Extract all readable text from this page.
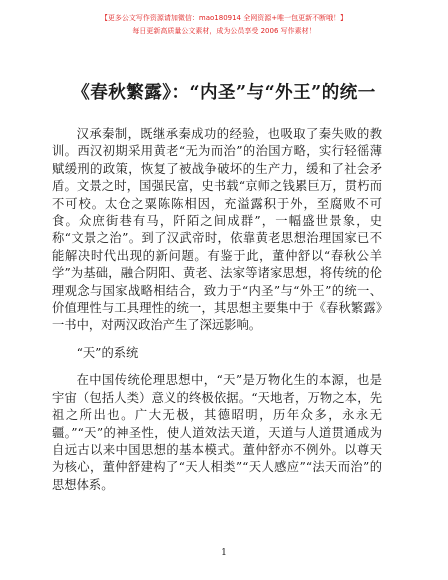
【更多公文写作资源请加微信：mao180914 全网资源+唯一包更新不断哦！】
每日更新高质量公文素材，成为公员享受 2006 写作素材！
《春秋繁露》：“内圣”与“外王”的统一

汉承秦制，既继承秦成功的经验，也吸取了秦失败的教训。西汉初期采用黄老“无为而治”的治国方略，实行轻徭薄赋缓刑的政策，恢复了被战争破坏的生产力，缓和了社会矛盾。文景之时，国强民富，史书载“京师之钱累巨万，贯朽而不可校。太仓之粟陈陈相因，充溢露积于外，至腐败不可食。众庶街巷有马，阡陌之间成群”，一幅盛世景象，史称“文景之治”。到了汉武帝时，依靠黄老思想治理国家已不能解决时代出现的新问题。有鉴于此，董仲舒以“春秋公羊学”为基础，融合阴阳、黄老、法家等诸家思想，将传统的伦理观念与国家战略相结合，致力于“内圣”与“外王”的统一、价值理性与工具理性的统一，其思想主要集中于《春秋繁露》一书中，对两汉政治产生了深远影响。

“天”的系统

在中国传统伦理思想中，“天”是万物化生的本源，也是宇宙（包括人类）意义的终极依据。“天地者，万物之本，先祖之所出也。广大无极，其德昭明，历年众多，永永无疆。”“天”的神圣性，使人道效法天道，天道与人道贯通成为自远古以来中国思想的基本模式。董仲舒亦不例外。以尊天为核心，董仲舒建构了“天人相类”“天人感应”“法天而治”的思想体系。

1
